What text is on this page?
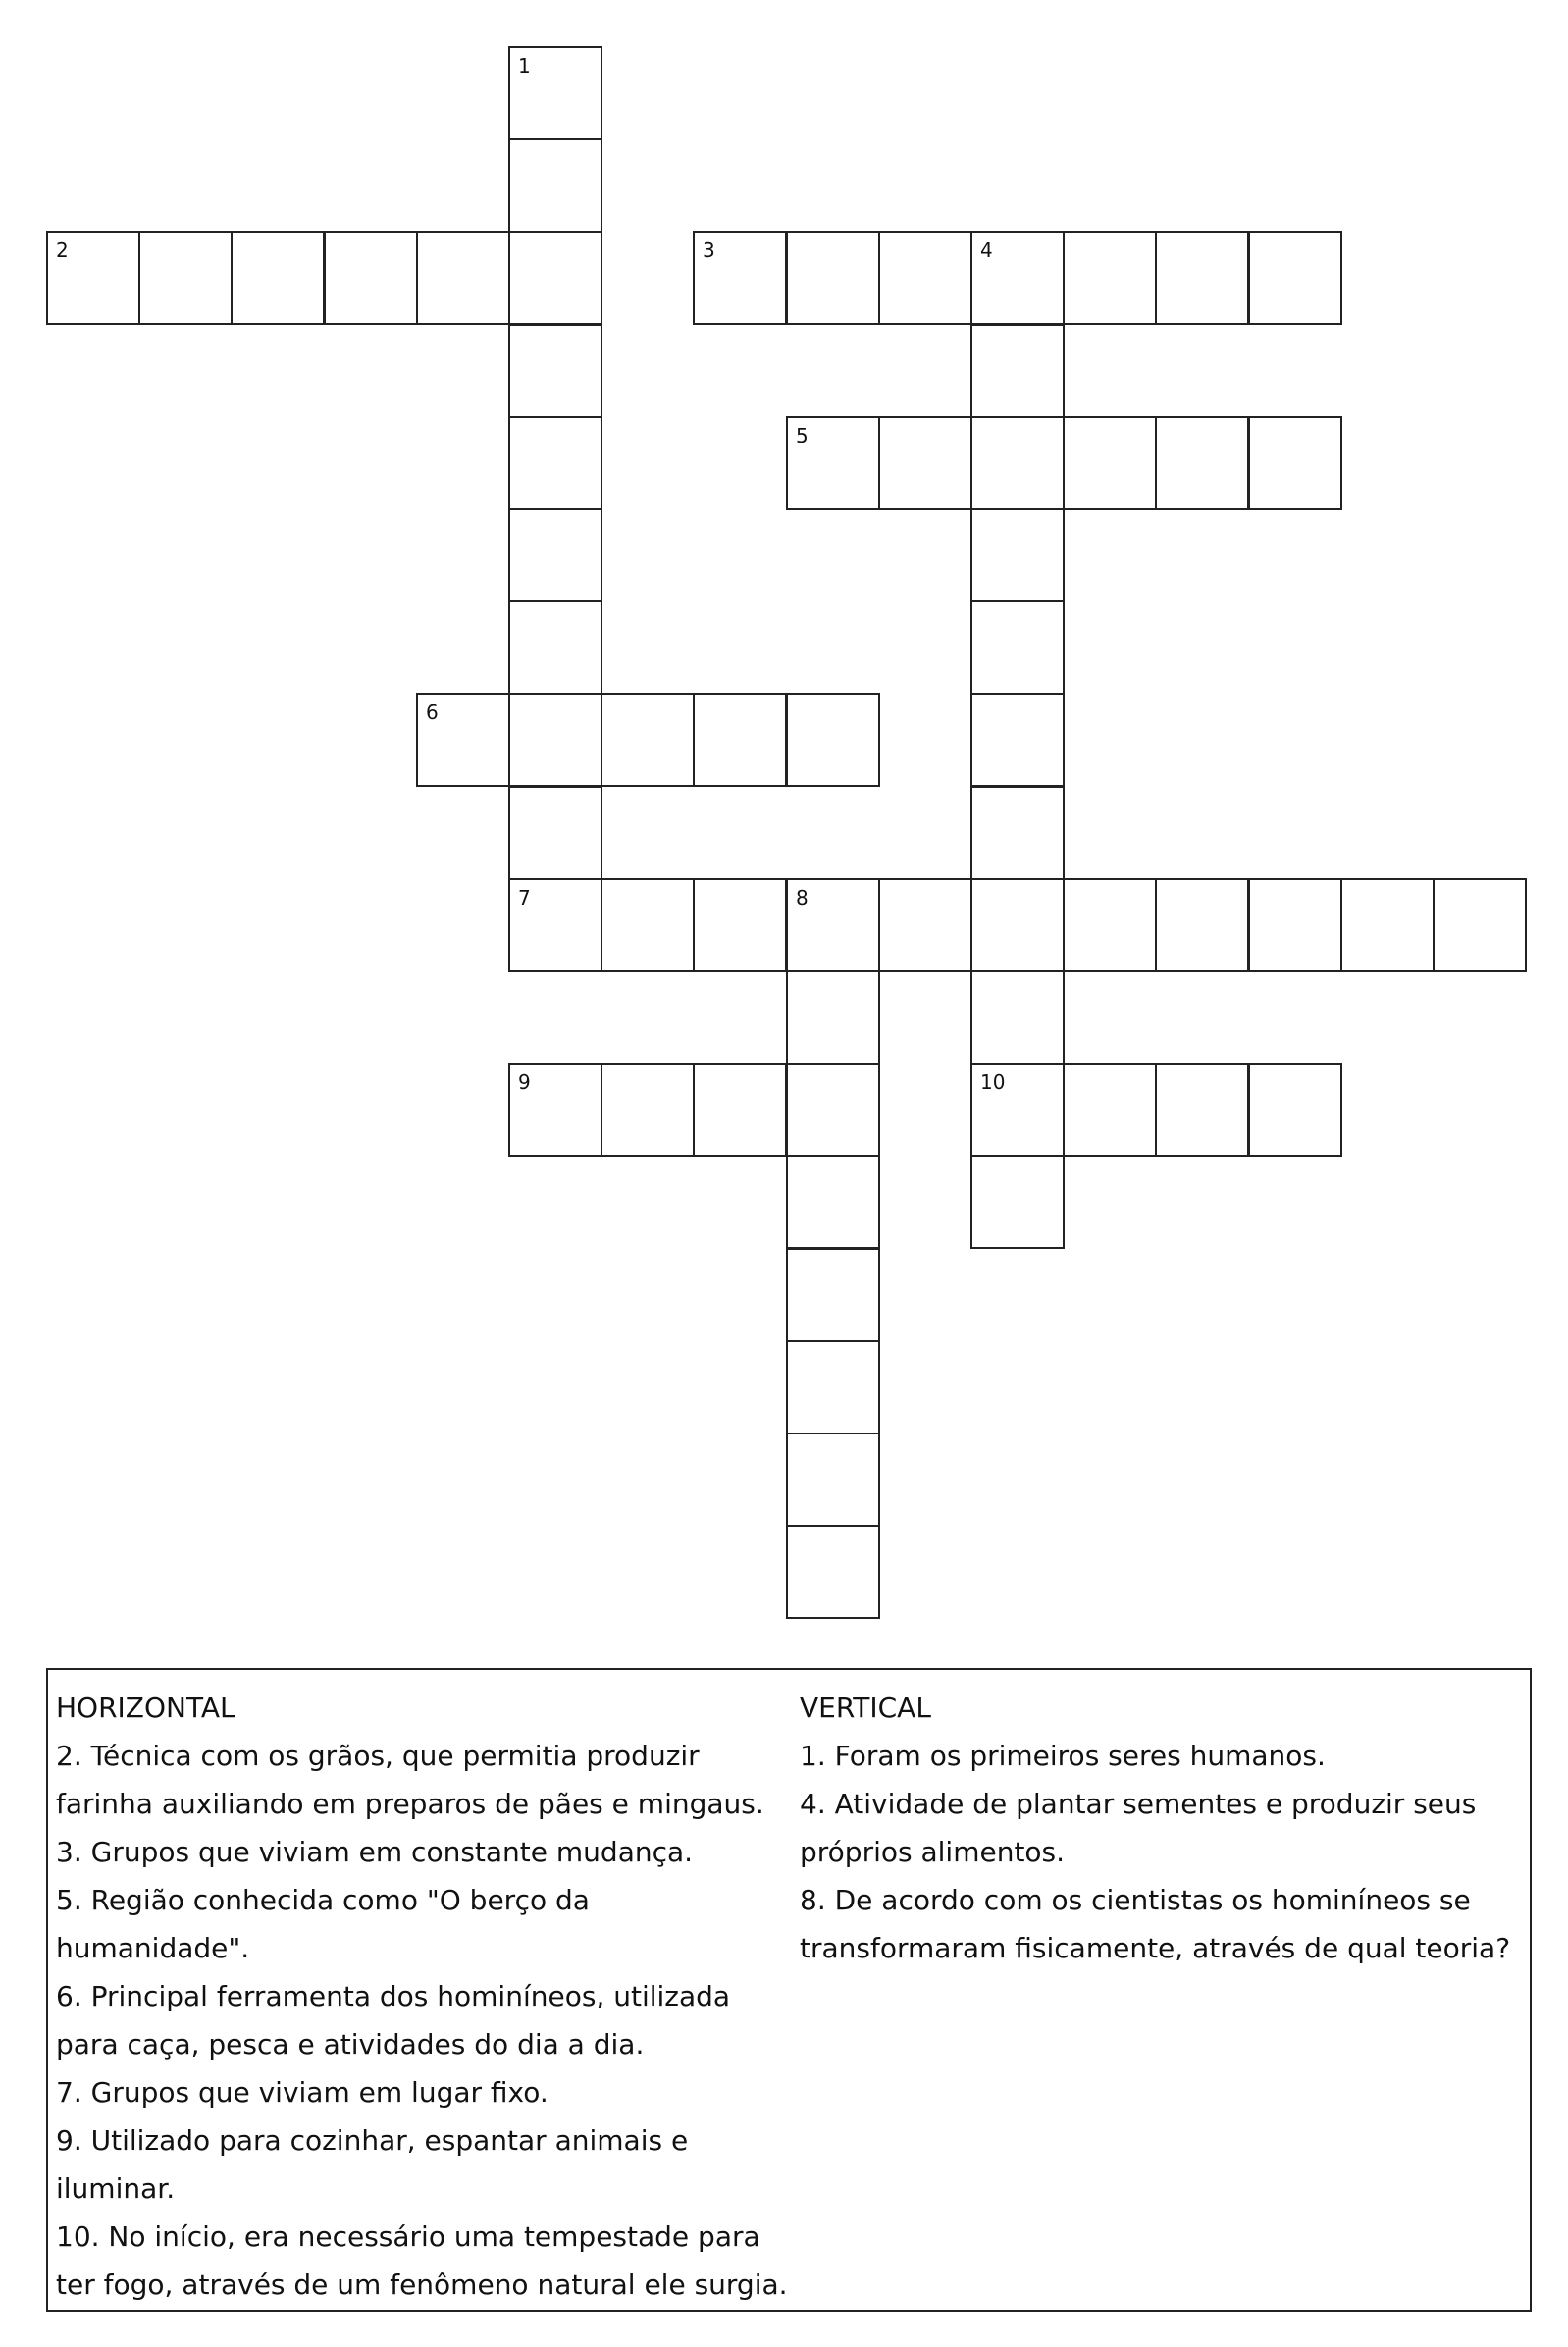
1
2	3	4
5
6
7	8
9	10
HORIZONTAL
2. Técnica com os grãos, que permitia produzir farinha auxiliando em preparos de pães e mingaus.
3. Grupos que viviam em constante mudança.
5. Região conhecida como "O berço da humanidade".
6. Principal ferramenta dos hominíneos, utilizada para caça, pesca e atividades do dia a dia.
7. Grupos que viviam em lugar fixo.
9. Utilizado para cozinhar, espantar animais e iluminar.
10. No início, era necessário uma tempestade para ter fogo, através de um fenômeno natural ele surgia.
VERTICAL
1. Foram os primeiros seres humanos.
4. Atividade de plantar sementes e produzir seus próprios alimentos.
8. De acordo com os cientistas os hominíneos se transformaram fisicamente, através de qual teoria?
